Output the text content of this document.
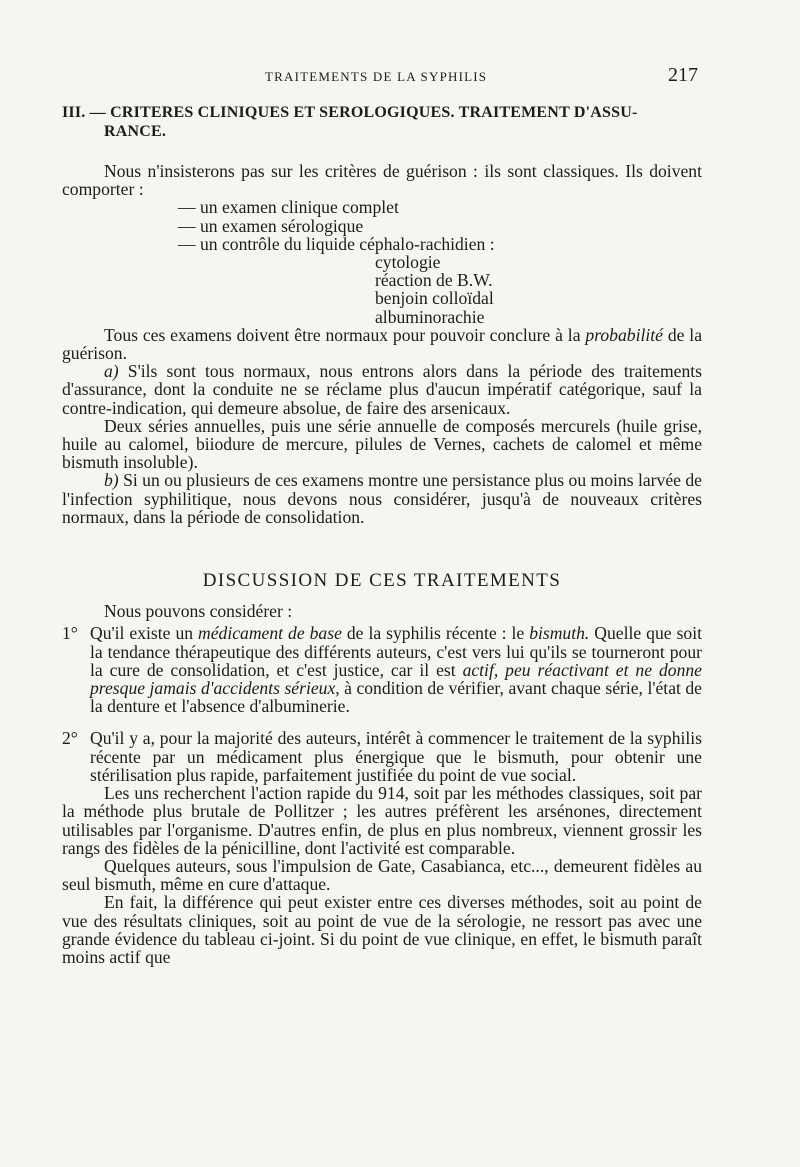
TRAITEMENTS DE LA SYPHILIS	217

III. — CRITERES CLINIQUES ET SEROLOGIQUES. TRAITEMENT D'ASSU-
RANCE.

Nous n'insisterons pas sur les critères de guérison : ils sont classiques. Ils doivent comporter :

— un examen clinique complet

— un examen sérologique

— un contrôle du liquide céphalo-rachidien :

cytologie

réaction de B.W.

benjoin colloïdal

albuminorachie

Tous ces examens doivent être normaux pour pouvoir conclure à la probabilité de la guérison.

a) S'ils sont tous normaux, nous entrons alors dans la période des traitements d'assurance, dont la conduite ne se réclame plus d'aucun impératif catégorique, sauf la contre-indication, qui demeure absolue, de faire des arsenicaux.

Deux séries annuelles, puis une série annuelle de composés mercurels (huile grise, huile au calomel, biiodure de mercure, pilules de Vernes, cachets de calomel et même bismuth insoluble).

b) Si un ou plusieurs de ces examens montre une persistance plus ou moins larvée de l'infection syphilitique, nous devons nous considérer, jusqu'à de nouveaux critères normaux, dans la période de consolidation.

DISCUSSION DE CES TRAITEMENTS

Nous pouvons considérer :

1° Qu'il existe un médicament de base de la syphilis récente : le bismuth. Quelle que soit la tendance thérapeutique des différents auteurs, c'est vers lui qu'ils se tourneront pour la cure de consolidation, et c'est justice, car il est actif, peu réactivant et ne donne presque jamais d'accidents sérieux, à condition de vérifier, avant chaque série, l'état de la denture et l'absence d'albuminerie.

2° Qu'il y a, pour la majorité des auteurs, intérêt à commencer le traitement de la syphilis récente par un médicament plus énergique que le bismuth, pour obtenir une stérilisation plus rapide, parfaitement justifiée du point de vue social.

Les uns recherchent l'action rapide du 914, soit par les méthodes classiques, soit par la méthode plus brutale de Pollitzer ; les autres préfèrent les arsénones, directement utilisables par l'organisme. D'autres enfin, de plus en plus nombreux, viennent grossir les rangs des fidèles de la pénicilline, dont l'activité est comparable.

Quelques auteurs, sous l'impulsion de Gate, Casabianca, etc..., demeurent fidèles au seul bismuth, même en cure d'attaque.

En fait, la différence qui peut exister entre ces diverses méthodes, soit au point de vue des résultats cliniques, soit au point de vue de la sérologie, ne ressort pas avec une grande évidence du tableau ci-joint. Si du point de vue clinique, en effet, le bismuth paraît moins actif que
